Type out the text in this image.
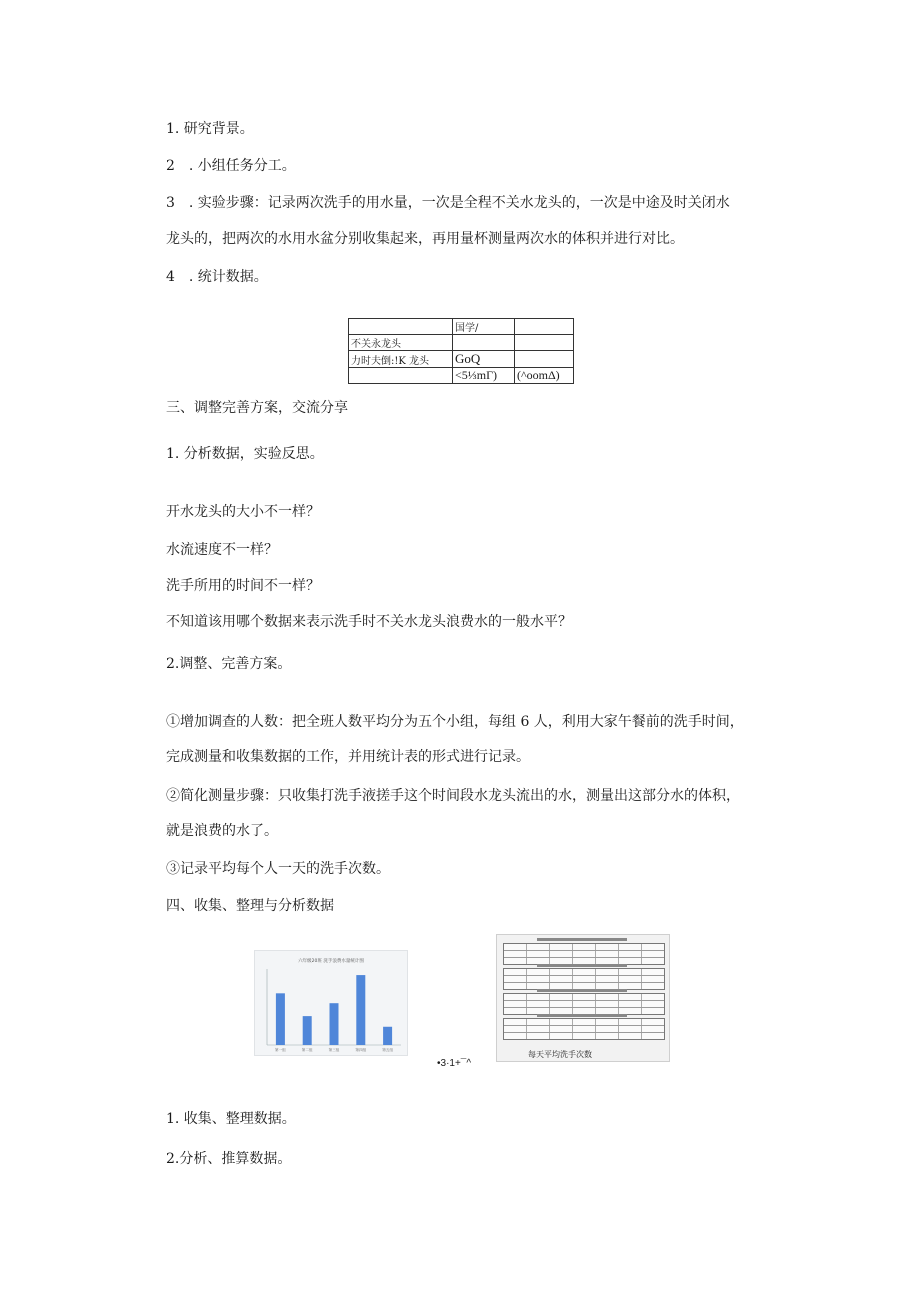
1. 研究背景。
2　. 小组任务分工。
3　. 实验步骤：记录两次洗手的用水量，一次是全程不关水龙头的，一次是中途及时关闭水
龙头的，把两次的水用水盆分别收集起来，再用量杯测量两次水的体积并进行对比。
4　. 统计数据。
	国学/	
不关永龙头		
力时夫倒:!K 龙头	GoQ	
	<5⅓mΓ)	(^oomΔ)
三、调整完善方案，交流分享
1. 分析数据，实验反思。
开水龙头的大小不一样？
水流速度不一样？
洗手所用的时间不一样？
不知道该用哪个数据来表示洗手时不关水龙头浪费水的一般水平？
2.调整、完善方案。
①增加调查的人数：把全班人数平均分为五个小组，每组 6 人，利用大家午餐前的洗手时间，
完成测量和收集数据的工作，并用统计表的形式进行记录。
②简化测量步骤：只收集打洗手液搓手这个时间段水龙头流出的水，测量出这部分水的体积，
就是浪费的水了。
③记录平均每个人一天的洗手次数。
四、收集、整理与分析数据
六年级20班 洗手浪费水量统计图
第一组	第二组	第三组	第四组	第五组	每天平均洗手次数
•3·1+¯^
1. 收集、整理数据。
2.分析、推算数据。
